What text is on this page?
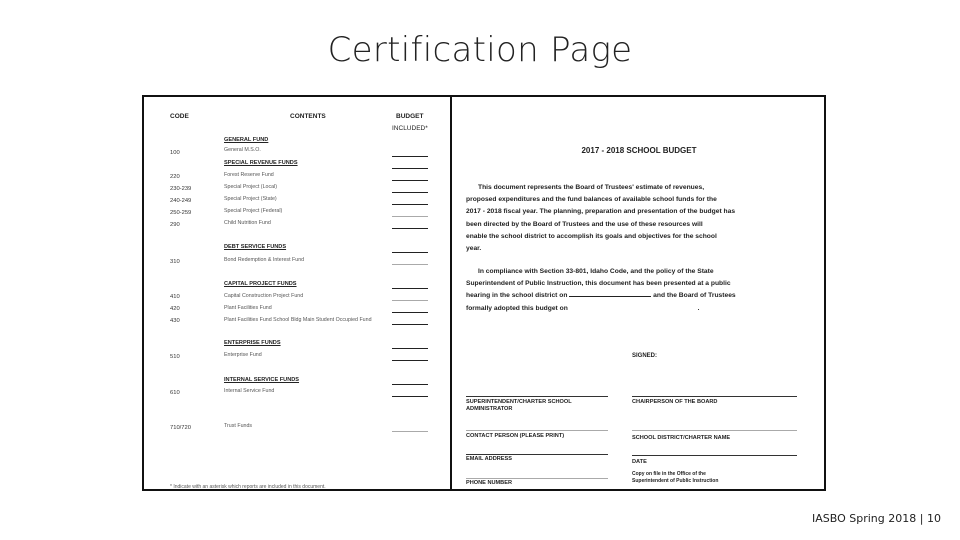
Certification Page
CODE	CONTENTS	BUDGET
INCLUDED*
GENERAL FUND
100	General M.S.O.
SPECIAL REVENUE FUNDS
220	Forest Reserve Fund
230-239	Special Project (Local)
240-249	Special Project (State)
250-259	Special Project (Federal)
290	Child Nutrition Fund
DEBT SERVICE FUNDS
310	Bond Redemption & Interest Fund
CAPITAL PROJECT FUNDS
410	Capital Construction Project Fund
420	Plant Facilities Fund
430	Plant Facilities Fund School Bldg Main Student Occupied Fund
ENTERPRISE FUNDS
510	Enterprise Fund
INTERNAL SERVICE FUNDS
610	Internal Service Fund
710/720	Trust Funds
* Indicate with an asterisk which reports are included in this document.
2017 - 2018 SCHOOL BUDGET
This document represents the Board of Trustees' estimate of revenues,
proposed expenditures and the fund balances of available school funds for the
2017 - 2018 fiscal year. The planning, preparation and presentation of the budget has
been directed by the Board of Trustees and the use of these resources will
enable the school district to accomplish its goals and objectives for the school
year.
In compliance with Section 33-801, Idaho Code, and the policy of the State
Superintendent of Public Instruction, this document has been presented at a public
hearing in the school district on	and the Board of Trustees
formally adopted this budget on	.
SIGNED:
SUPERINTENDENT/CHARTER SCHOOL
ADMINISTRATOR
CHAIRPERSON OF THE BOARD
CONTACT PERSON (PLEASE PRINT)	SCHOOL DISTRICT/CHARTER NAME
EMAIL ADDRESS	DATE
PHONE NUMBER
Copy on file in the Office of the
Superintendent of Public Instruction
IASBO Spring 2018 | 10
